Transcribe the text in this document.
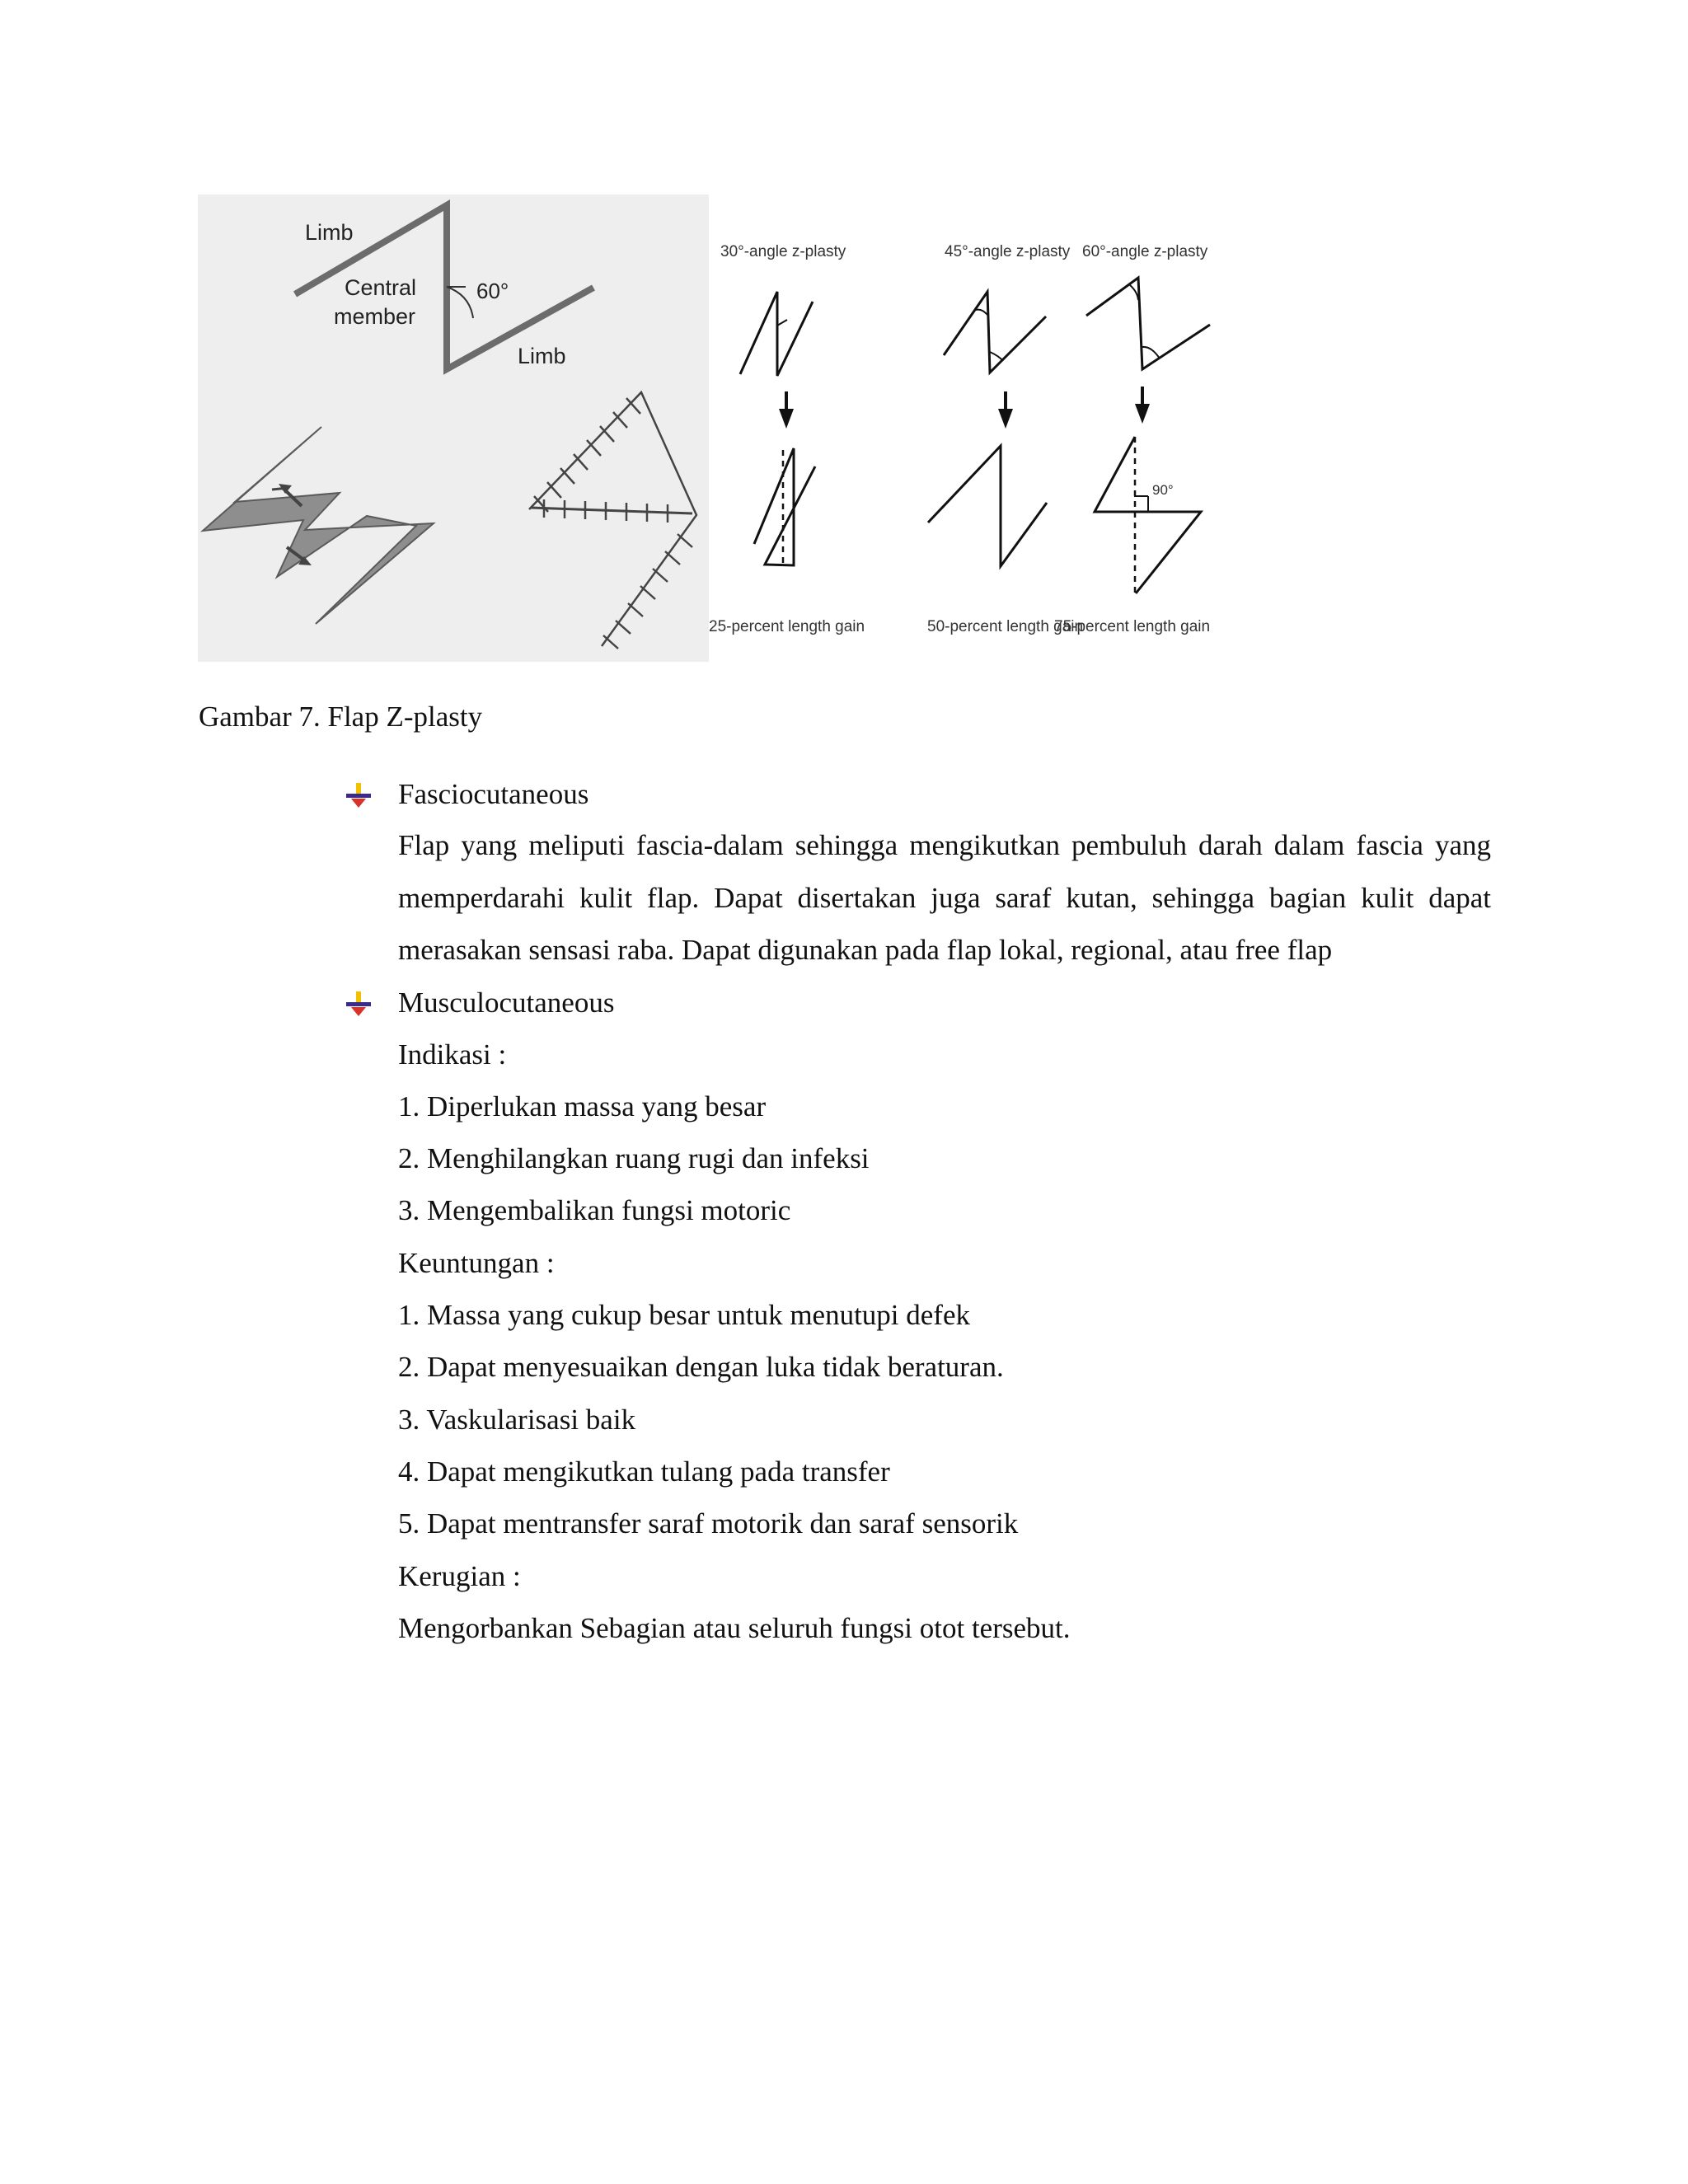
Limb
Central
member
60°
Limb
30°-angle z-plasty	45°-angle z-plasty 60°-angle z-plasty
90°
25-percent length gain	50-percent length gain
75-percent length gain
Gambar 7. Flap Z-plasty
Fasciocutaneous
Flap yang meliputi fascia-dalam sehingga mengikutkan pembuluh darah dalam fascia yang memperdarahi kulit flap. Dapat disertakan juga saraf kutan, sehingga bagian kulit dapat merasakan sensasi raba. Dapat digunakan pada flap lokal, regional, atau free flap
Musculocutaneous
Indikasi :
1. Diperlukan massa yang besar
2. Menghilangkan ruang rugi dan infeksi
3. Mengembalikan fungsi motoric
Keuntungan :
1. Massa yang cukup besar untuk menutupi defek
2. Dapat menyesuaikan dengan luka tidak beraturan.
3. Vaskularisasi baik
4. Dapat mengikutkan tulang pada transfer
5. Dapat mentransfer saraf motorik dan saraf sensorik
Kerugian :
Mengorbankan Sebagian atau seluruh fungsi otot tersebut.
